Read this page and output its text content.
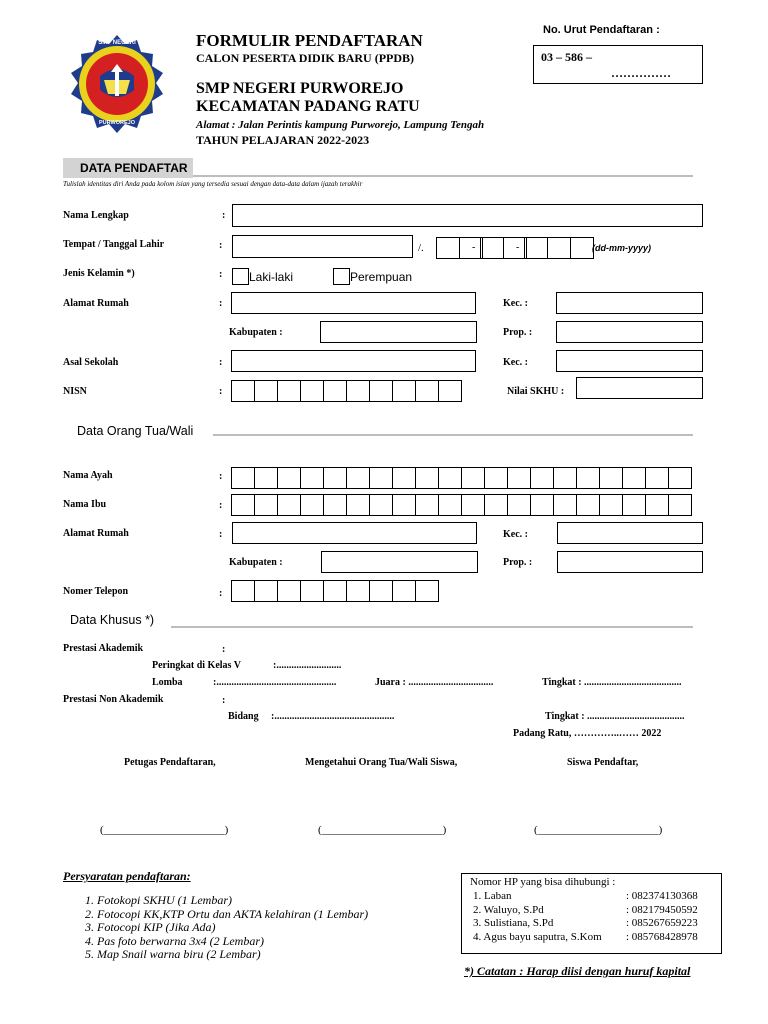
SMP NEGERI
PURWOREJO
FORMULIR PENDAFTARAN
CALON PESERTA DIDIK BARU (PPDB)
SMP NEGERI PURWOREJO
KECAMATAN PADANG RATU
Alamat : Jalan Perintis kampung Purworejo, Lampung Tengah
TAHUN PELAJARAN 2022-2023
No. Urut Pendaftaran :
03 – 586 –
……………
DATA PENDAFTAR
Tulislah identitas diri Anda pada kolom isian yang tersedia sesuai dengan data-data dalam ijazah terakhir
Nama Lengkap	:
Tempat / Tanggal Lahir	:	/.	-	-	(dd-mm-yyyy)
Jenis Kelamin *)	: Laki-laki	Perempuan
Alamat Rumah	:	Kec. :
Kabupaten :	Prop. :
Asal Sekolah	:	Kec. :
NISN	:	Nilai SKHU :
Data Orang Tua/Wali
Nama Ayah	:
Nama Ibu	:
Alamat Rumah	:	Kec. :
Kabupaten :	Prop. :
Nomer Telepon	:
Data Khusus *)
Prestasi Akademik	:
Peringkat di Kelas V	:..........................
Lomba	:................................................	Juara : ..................................	Tingkat : .......................................
Prestasi Non Akademik	:
Bidang :................................................	Tingkat : .......................................
Padang Ratu, …………..…… 2022
Petugas Pendaftaran,	Mengetahui Orang Tua/Wali Siswa,	Siswa Pendaftar,
(______________________)	(______________________)	(______________________)
Persyaratan pendaftaran:
1. Fotokopi SKHU (1 Lembar)
2. Fotocopi KK,KTP Ortu dan AKTA kelahiran (1 Lembar)
3. Fotocopi KIP (Jika Ada)
4. Pas foto berwarna 3x4 (2 Lembar)
5. Map Snail warna biru (2 Lembar)
Nomor HP yang bisa dihubungi :
1. Laban	: 082374130368
2. Waluyo, S.Pd	: 082179450592
3. Sulistiana, S.Pd	: 085267659223
4. Agus bayu saputra, S.Kom : 085768428978
*) Catatan : Harap diisi dengan huruf kapital
